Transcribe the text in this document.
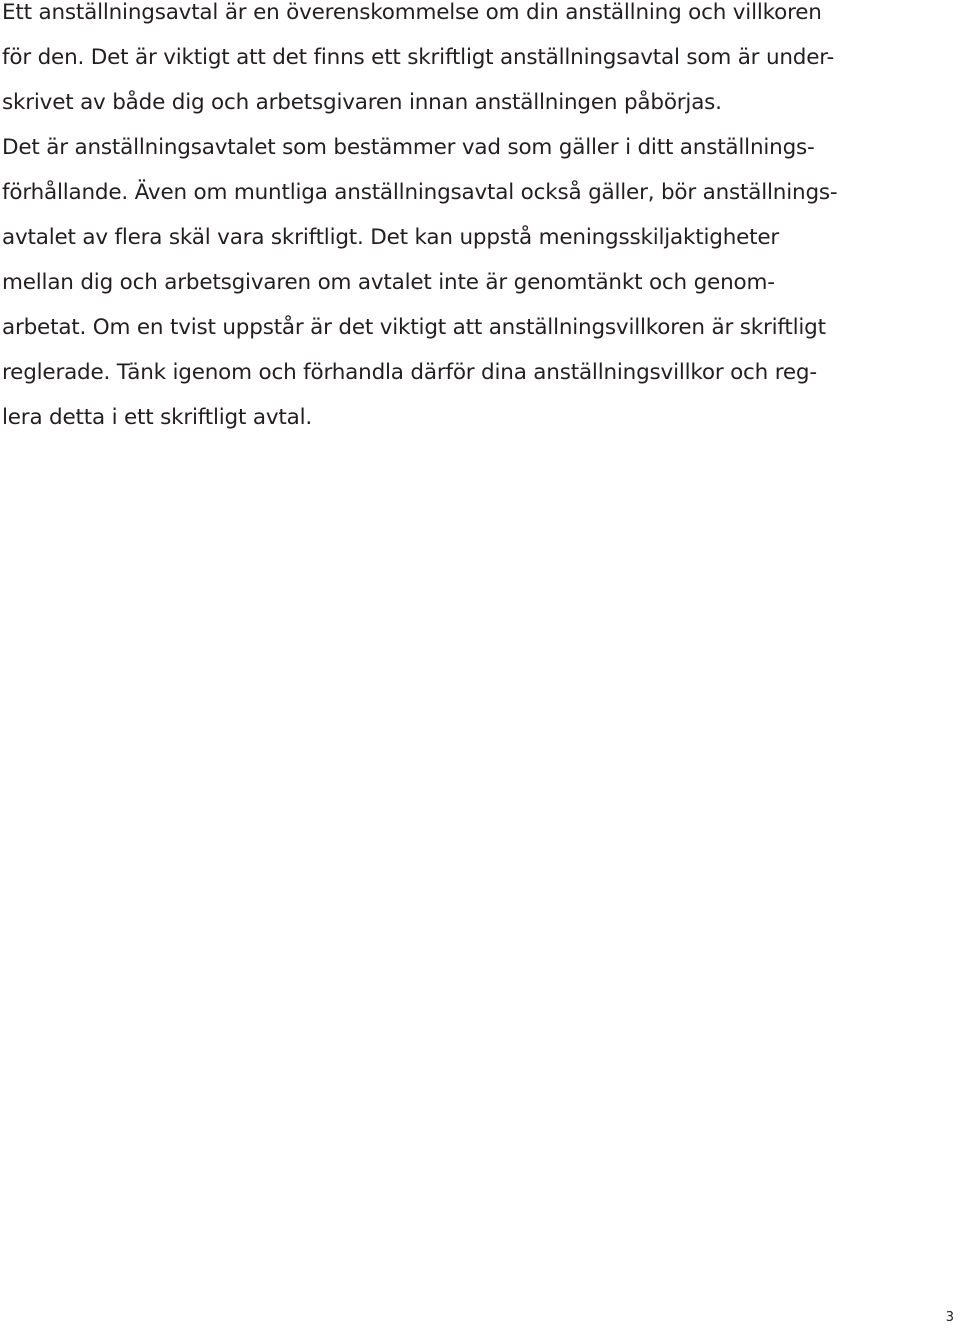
Ett anställningsavtal är en överenskommelse om din anställning och villkoren
för den. Det är viktigt att det finns ett skriftligt anställningsavtal som är under-
skrivet av både dig och arbetsgivaren innan anställningen påbörjas.
Det är anställningsavtalet som bestämmer vad som gäller i ditt anställnings-
förhållande. Även om muntliga anställningsavtal också gäller, bör anställnings-
avtalet av flera skäl vara skriftligt. Det kan uppstå meningsskiljaktigheter
mellan dig och arbetsgivaren om avtalet inte är genomtänkt och genom-
arbetat. Om en tvist uppstår är det viktigt att anställningsvillkoren är skriftligt
reglerade. Tänk igenom och förhandla därför dina anställningsvillkor och reg-
lera detta i ett skriftligt avtal.
3
